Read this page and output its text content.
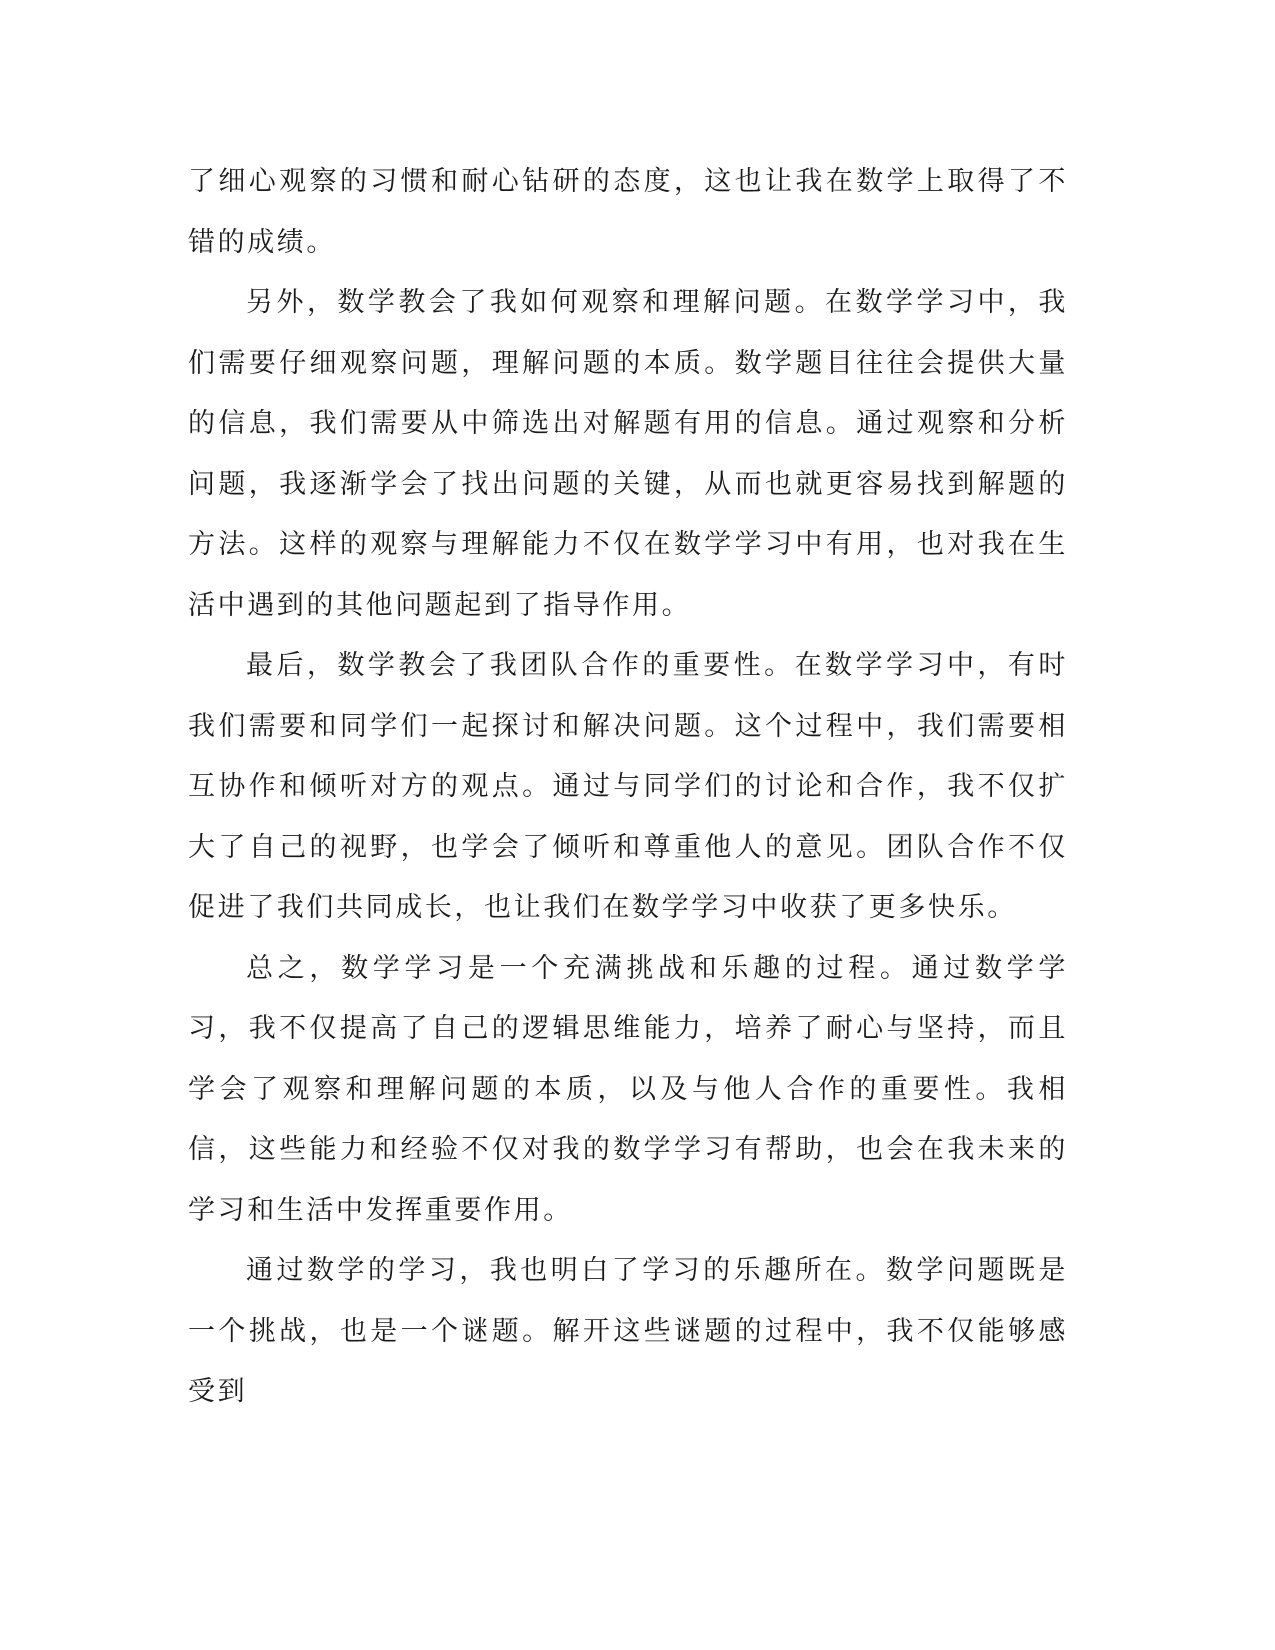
了细心观察的习惯和耐心钻研的态度，这也让我在数学上取得了不错的成绩。

另外，数学教会了我如何观察和理解问题。在数学学习中，我们需要仔细观察问题，理解问题的本质。数学题目往往会提供大量的信息，我们需要从中筛选出对解题有用的信息。通过观察和分析问题，我逐渐学会了找出问题的关键，从而也就更容易找到解题的方法。这样的观察与理解能力不仅在数学学习中有用，也对我在生活中遇到的其他问题起到了指导作用。

最后，数学教会了我团队合作的重要性。在数学学习中，有时我们需要和同学们一起探讨和解决问题。这个过程中，我们需要相互协作和倾听对方的观点。通过与同学们的讨论和合作，我不仅扩大了自己的视野，也学会了倾听和尊重他人的意见。团队合作不仅促进了我们共同成长，也让我们在数学学习中收获了更多快乐。

总之，数学学习是一个充满挑战和乐趣的过程。通过数学学习，我不仅提高了自己的逻辑思维能力，培养了耐心与坚持，而且学会了观察和理解问题的本质，以及与他人合作的重要性。我相信，这些能力和经验不仅对我的数学学习有帮助，也会在我未来的学习和生活中发挥重要作用。

通过数学的学习，我也明白了学习的乐趣所在。数学问题既是一个挑战，也是一个谜题。解开这些谜题的过程中，我不仅能够感受到
